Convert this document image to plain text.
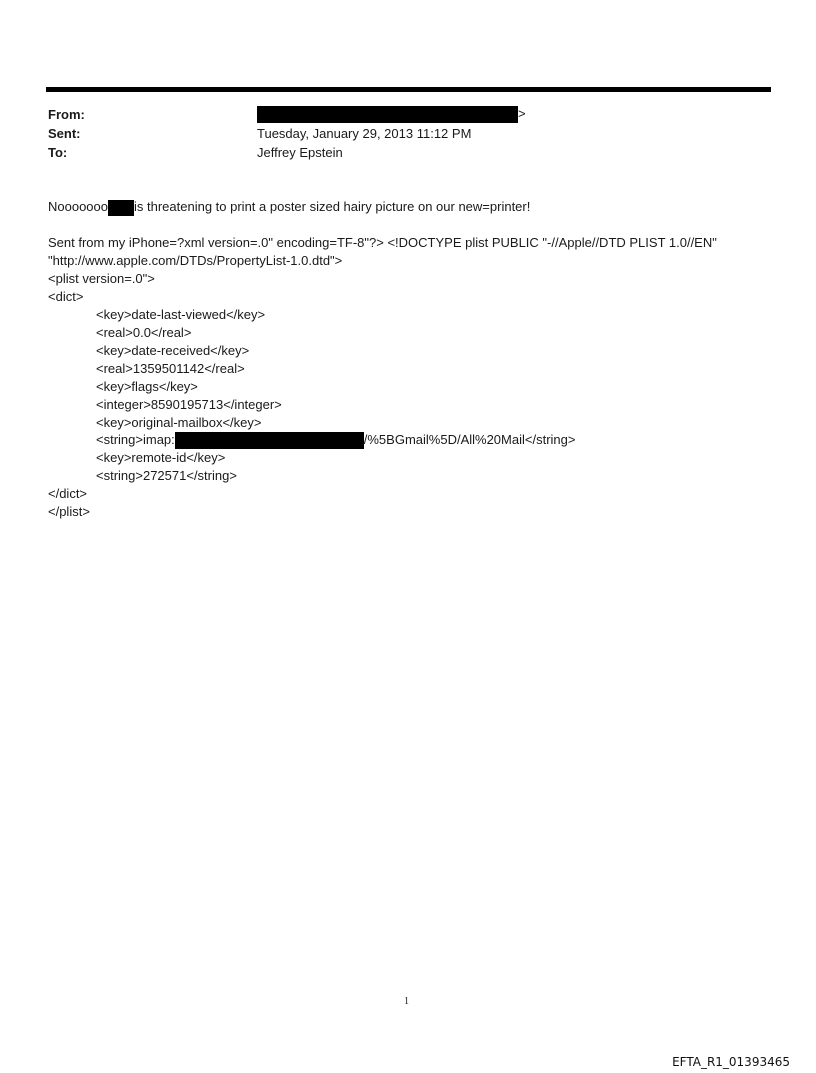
From:	>
Sent:	Tuesday, January 29, 2013 11:12 PM
To:	Jeffrey Epstein
Nooooooo is threatening to print a poster sized hairy picture on our new=printer!
Sent from my iPhone=?xml version=.0" encoding=TF-8"?> <!DOCTYPE plist PUBLIC "-//Apple//DTD PLIST 1.0//EN"
"http://www.apple.com/DTDs/PropertyList-1.0.dtd">
<plist version=.0">
<dict>
<key>date-last-viewed</key>
<real>0.0</real>
<key>date-received</key>
<real>1359501142</real>
<key>flags</key>
<integer>8590195713</integer>
<key>original-mailbox</key>
<string>imap:	/%5BGmail%5D/All%20Mail</string>
<key>remote-id</key>
<string>272571</string>
</dict>
</plist>
1
EFTA_R1_01393465
